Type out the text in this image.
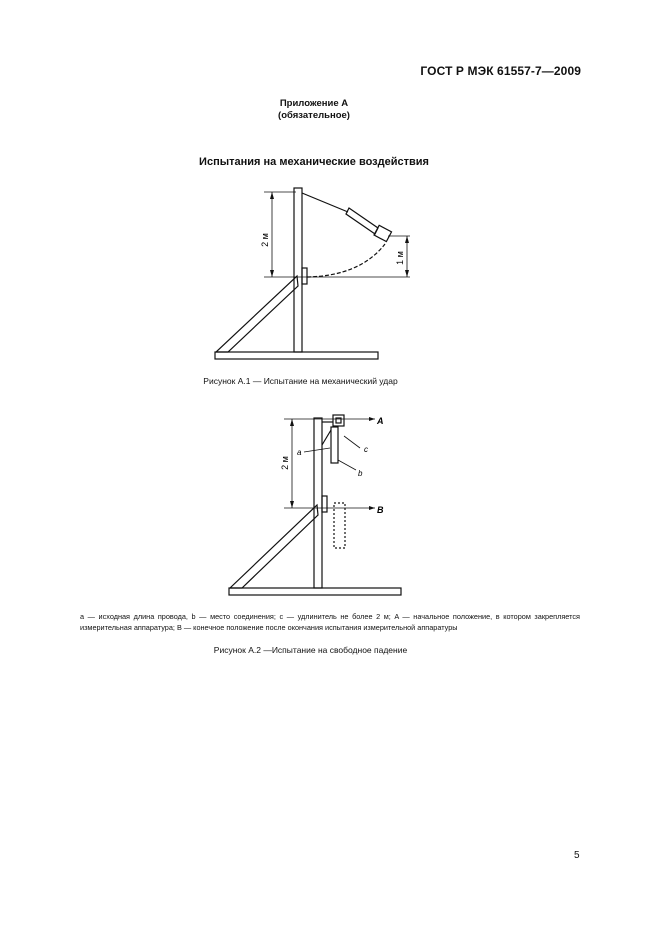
ГОСТ Р МЭК 61557-7—2009
Приложение А
(обязательное)
Испытания на механические воздействия
2 м
1 м
2 м
A
B
a
b
c
Рисунок А.1 — Испытание на механический удар
a — исходная длина провода, b — место соединения; c — удлинитель не более 2 м; A — начальное положение, в котором закрепляется измерительная аппаратура; B — конечное положение после окончания испытания измерительной аппаратуры
Рисунок А.2 —Испытание на свободное падение
5
